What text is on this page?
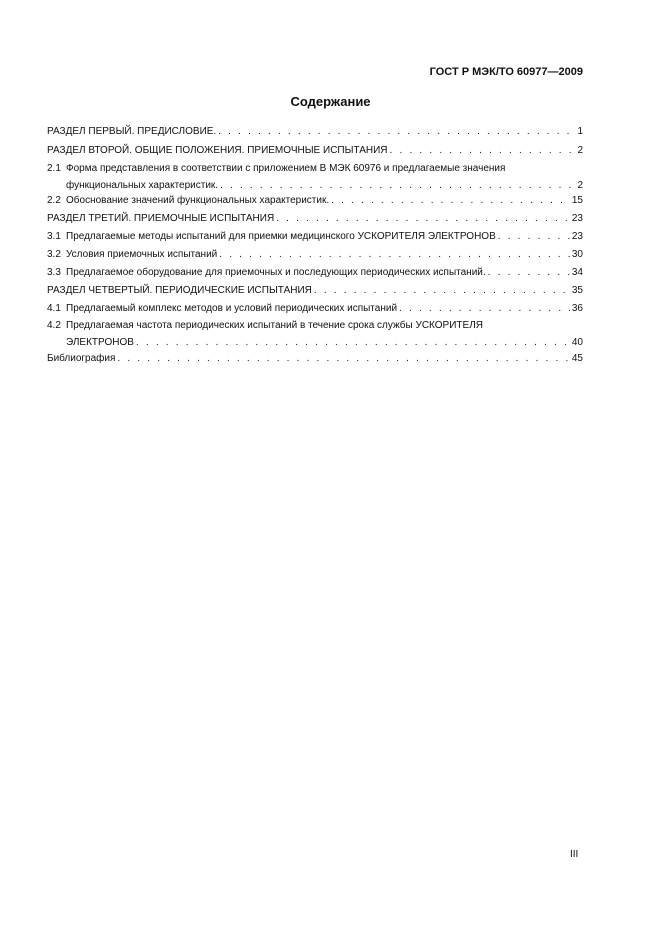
ГОСТ Р МЭК/ТО 60977—2009
Содержание
РАЗДЕЛ ПЕРВЫЙ. ПРЕДИСЛОВИЕ. . . .	1
РАЗДЕЛ ВТОРОЙ. ОБЩИЕ ПОЛОЖЕНИЯ. ПРИЕМОЧНЫЕ ИСПЫТАНИЯ . . .	2
2.1 Форма представления в соответствии с приложением В МЭК 60976 и предлагаемые значения
функциональных характеристик. . . .	2
2.2 Обоснование значений функциональных характеристик. . . .	15
РАЗДЕЛ ТРЕТИЙ. ПРИЕМОЧНЫЕ ИСПЫТАНИЯ . . .	23
3.1 Предлагаемые методы испытаний для приемки медицинского УСКОРИТЕЛЯ ЭЛЕКТРОНОВ . . .	23
3.2 Условия приемочных испытаний . . .	30
3.3 Предлагаемое оборудование для приемочных и последующих периодических испытаний. . . .	34
РАЗДЕЛ ЧЕТВЕРТЫЙ. ПЕРИОДИЧЕСКИЕ ИСПЫТАНИЯ . . .	35
4.1 Предлагаемый комплекс методов и условий периодических испытаний . . .	36
4.2 Предлагаемая частота периодических испытаний в течение срока службы УСКОРИТЕЛЯ
ЭЛЕКТРОНОВ . . .	40
Библиография . . .	45
III
